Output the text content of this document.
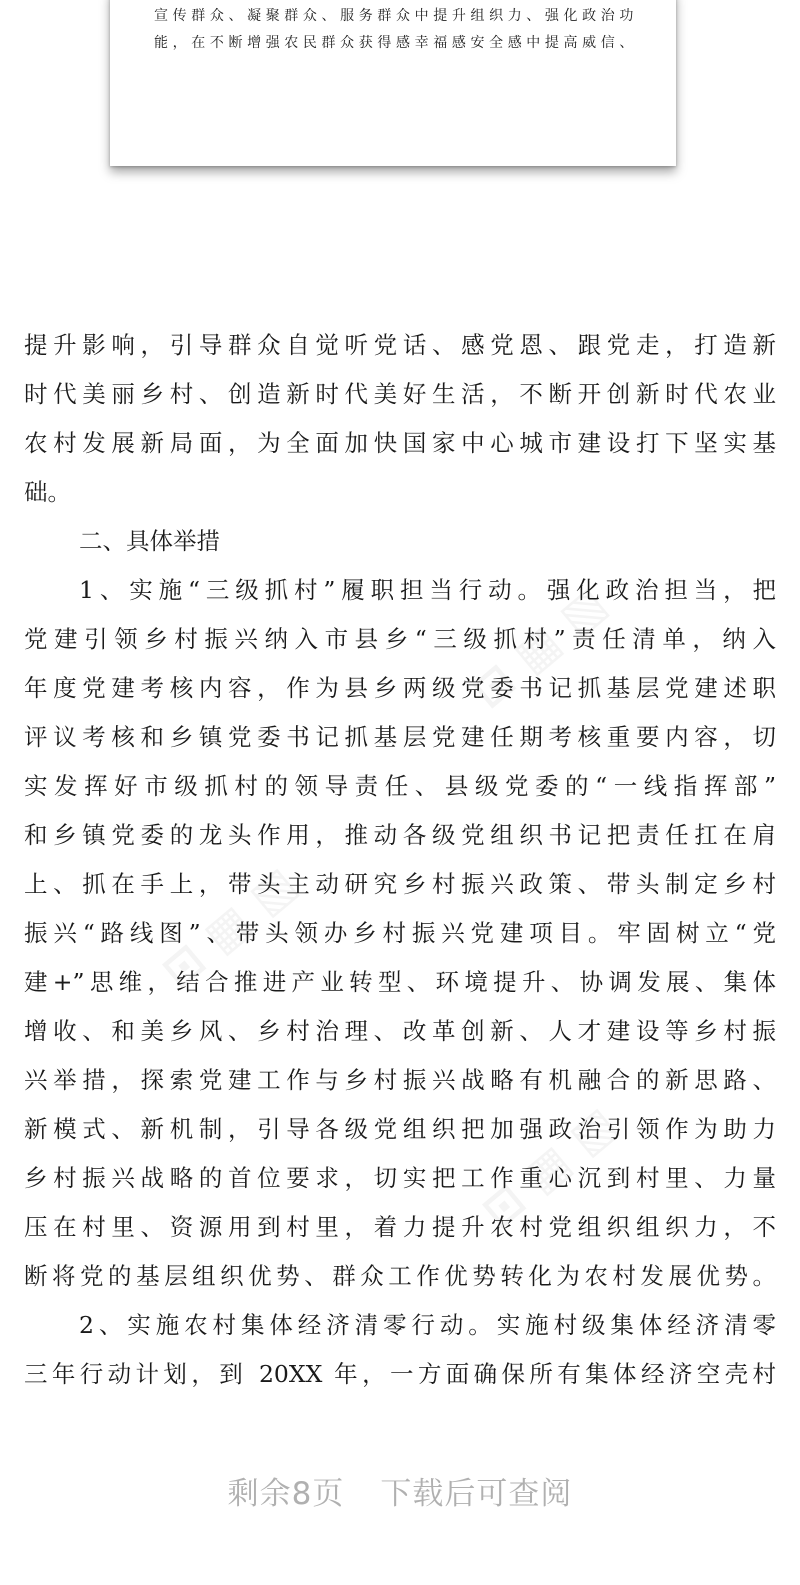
宣传群众、凝聚群众、服务群众中提升组织力、强化政治功
能，在不断增强农民群众获得感幸福感安全感中提高威信、
⊡ ▦ ▧
⊡ ▦ ▧
⊡ ▦ ▧
提升影响，引导群众自觉听党话、感党恩、跟党走，打造新
时代美丽乡村、创造新时代美好生活，不断开创新时代农业
农村发展新局面，为全面加快国家中心城市建设打下坚实基
础。
二、具体举措
1、实施“三级抓村”履职担当行动。强化政治担当，把
党建引领乡村振兴纳入市县乡“三级抓村”责任清单，纳入
年度党建考核内容，作为县乡两级党委书记抓基层党建述职
评议考核和乡镇党委书记抓基层党建任期考核重要内容，切
实发挥好市级抓村的领导责任、县级党委的“一线指挥部”
和乡镇党委的龙头作用，推动各级党组织书记把责任扛在肩
上、抓在手上，带头主动研究乡村振兴政策、带头制定乡村
振兴“路线图”、带头领办乡村振兴党建项目。牢固树立“党
建+”思维，结合推进产业转型、环境提升、协调发展、集体
增收、和美乡风、乡村治理、改革创新、人才建设等乡村振
兴举措，探索党建工作与乡村振兴战略有机融合的新思路、
新模式、新机制，引导各级党组织把加强政治引领作为助力
乡村振兴战略的首位要求，切实把工作重心沉到村里、力量
压在村里、资源用到村里，着力提升农村党组织组织力，不
断将党的基层组织优势、群众工作优势转化为农村发展优势。
2、实施农村集体经济清零行动。实施村级集体经济清零
三年行动计划，到 20XX 年，一方面确保所有集体经济空壳村
剩余8页 下载后可查阅
